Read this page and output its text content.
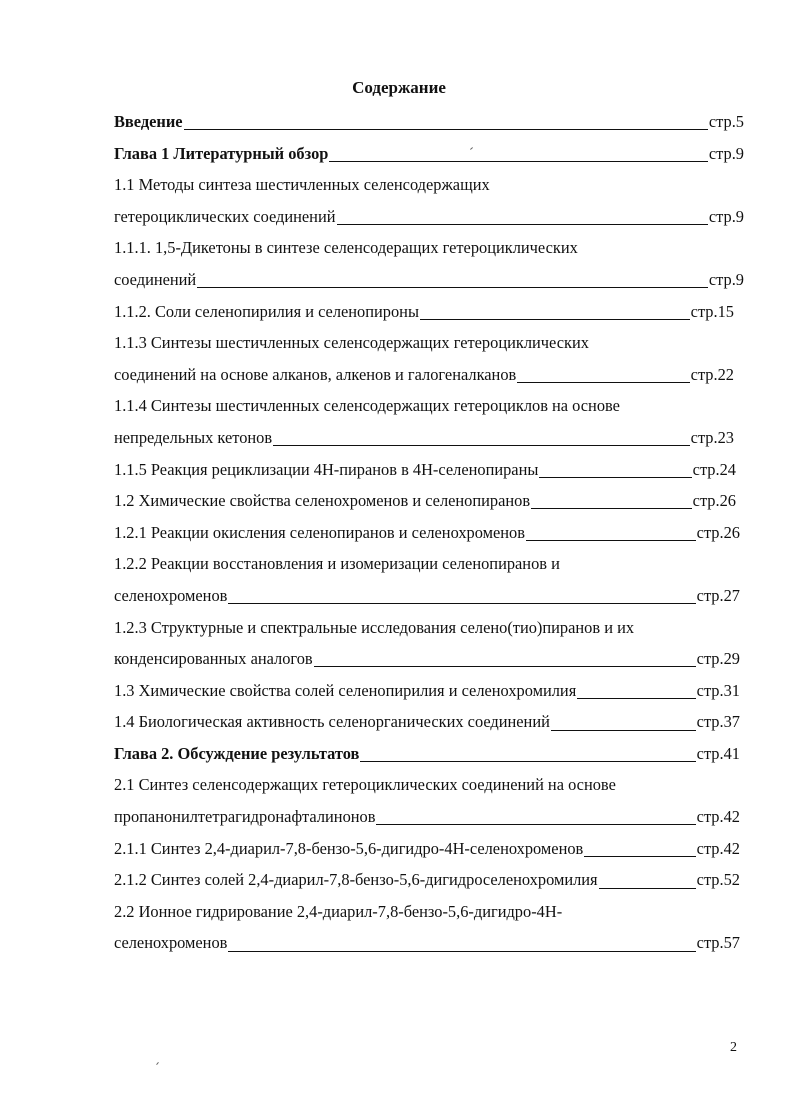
Содержание
Введение	стр.5
Глава 1 Литературный обзор	стр.9
1.1 Методы синтеза шестичленных селенсодержащих
гетероциклических соединений	стр.9
1.1.1. 1,5-Дикетоны в синтезе селенсодеращих гетероциклических
соединений	стр.9
1.1.2. Соли селенопирилия и селенопироны	стр.15
1.1.3 Синтезы шестичленных селенсодержащих гетероциклических
соединений на основе алканов, алкенов и галогеналканов	стр.22
1.1.4 Синтезы шестичленных селенсодержащих гетероциклов на основе
непредельных кетонов	стр.23
1.1.5 Реакция рециклизации 4Н-пиранов в 4Н-селенопираны	стр.24
1.2 Химические свойства селенохроменов и селенопиранов	стр.26
1.2.1 Реакции окисления селенопиранов и селенохроменов	стр.26
1.2.2 Реакции восстановления и изомеризации селенопиранов и
селенохроменов	стр.27
1.2.3 Структурные и спектральные исследования селено(тио)пиранов и их
конденсированных аналогов	стр.29
1.3 Химические свойства солей селенопирилия и селенохромилия	стр.31
1.4 Биологическая активность селенорганических соединений	стр.37
Глава 2. Обсуждение результатов	стр.41
2.1 Синтез селенсодержащих гетероциклических соединений на основе
пропанонилтетрагидронафталинонов	стр.42
2.1.1 Синтез 2,4-диарил-7,8-бензо-5,6-дигидро-4Н-селенохроменов	стр.42
2.1.2 Синтез солей 2,4-диарил-7,8-бензо-5,6-дигидроселенохромилия	стр.52
2.2 Ионное гидрирование 2,4-диарил-7,8-бензо-5,6-дигидро-4Н-
селенохроменов	стр.57
2
